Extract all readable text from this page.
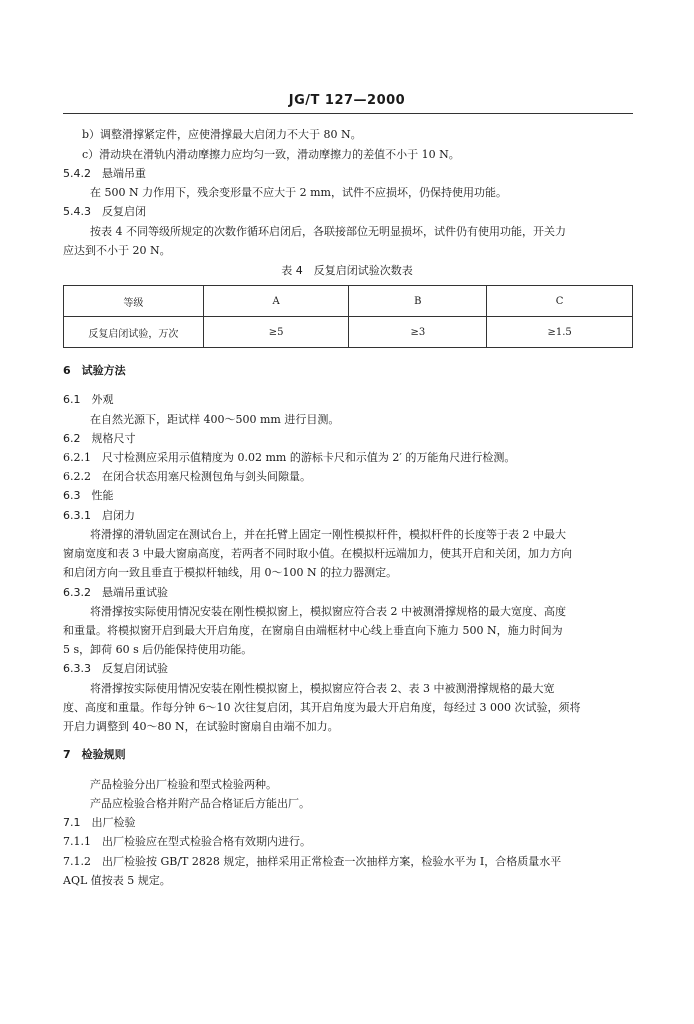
JG/T 127—2000
b）调整滑撑紧定件，应使滑撑最大启闭力不大于 80 N。
c）滑动块在滑轨内滑动摩擦力应均匀一致，滑动摩擦力的差值不小于 10 N。
5.4.2　悬端吊重
在 500 N 力作用下，残余变形量不应大于 2 mm，试件不应损坏，仍保持使用功能。
5.4.3　反复启闭
按表 4 不同等级所规定的次数作循环启闭后，各联接部位无明显损坏，试件仍有使用功能，开关力
应达到不小于 20 N。
表 4　反复启闭试验次数表
等级	A	B	C
反复启闭试验，万次	≥5	≥3	≥1.5
6　试验方法
6.1　外观
在自然光源下，距试样 400～500 mm 进行目测。
6.2　规格尺寸
6.2.1　尺寸检测应采用示值精度为 0.02 mm 的游标卡尺和示值为 2′ 的万能角尺进行检测。
6.2.2　在闭合状态用塞尺检测包角与剑头间隙量。
6.3　性能
6.3.1　启闭力
将滑撑的滑轨固定在测试台上，并在托臂上固定一刚性模拟杆件，模拟杆件的长度等于表 2 中最大
窗扇宽度和表 3 中最大窗扇高度，若两者不同时取小值。在模拟杆远端加力，使其开启和关闭，加力方向
和启闭方向一致且垂直于模拟杆轴线，用 0～100 N 的拉力器测定。
6.3.2　悬端吊重试验
将滑撑按实际使用情况安装在刚性模拟窗上，模拟窗应符合表 2 中被测滑撑规格的最大宽度、高度
和重量。将模拟窗开启到最大开启角度，在窗扇自由端框材中心线上垂直向下施力 500 N，施力时间为
5 s，卸荷 60 s 后仍能保持使用功能。
6.3.3　反复启闭试验
将滑撑按实际使用情况安装在刚性模拟窗上，模拟窗应符合表 2、表 3 中被测滑撑规格的最大宽
度、高度和重量。作每分钟 6～10 次往复启闭，其开启角度为最大开启角度，每经过 3 000 次试验，须将
开启力调整到 40～80 N，在试验时窗扇自由端不加力。
7　检验规则
产品检验分出厂检验和型式检验两种。
产品应检验合格并附产品合格证后方能出厂。
7.1　出厂检验
7.1.1　出厂检验应在型式检验合格有效期内进行。
7.1.2　出厂检验按 GB/T 2828 规定，抽样采用正常检查一次抽样方案，检验水平为 Ⅰ，合格质量水平
AQL 值按表 5 规定。
